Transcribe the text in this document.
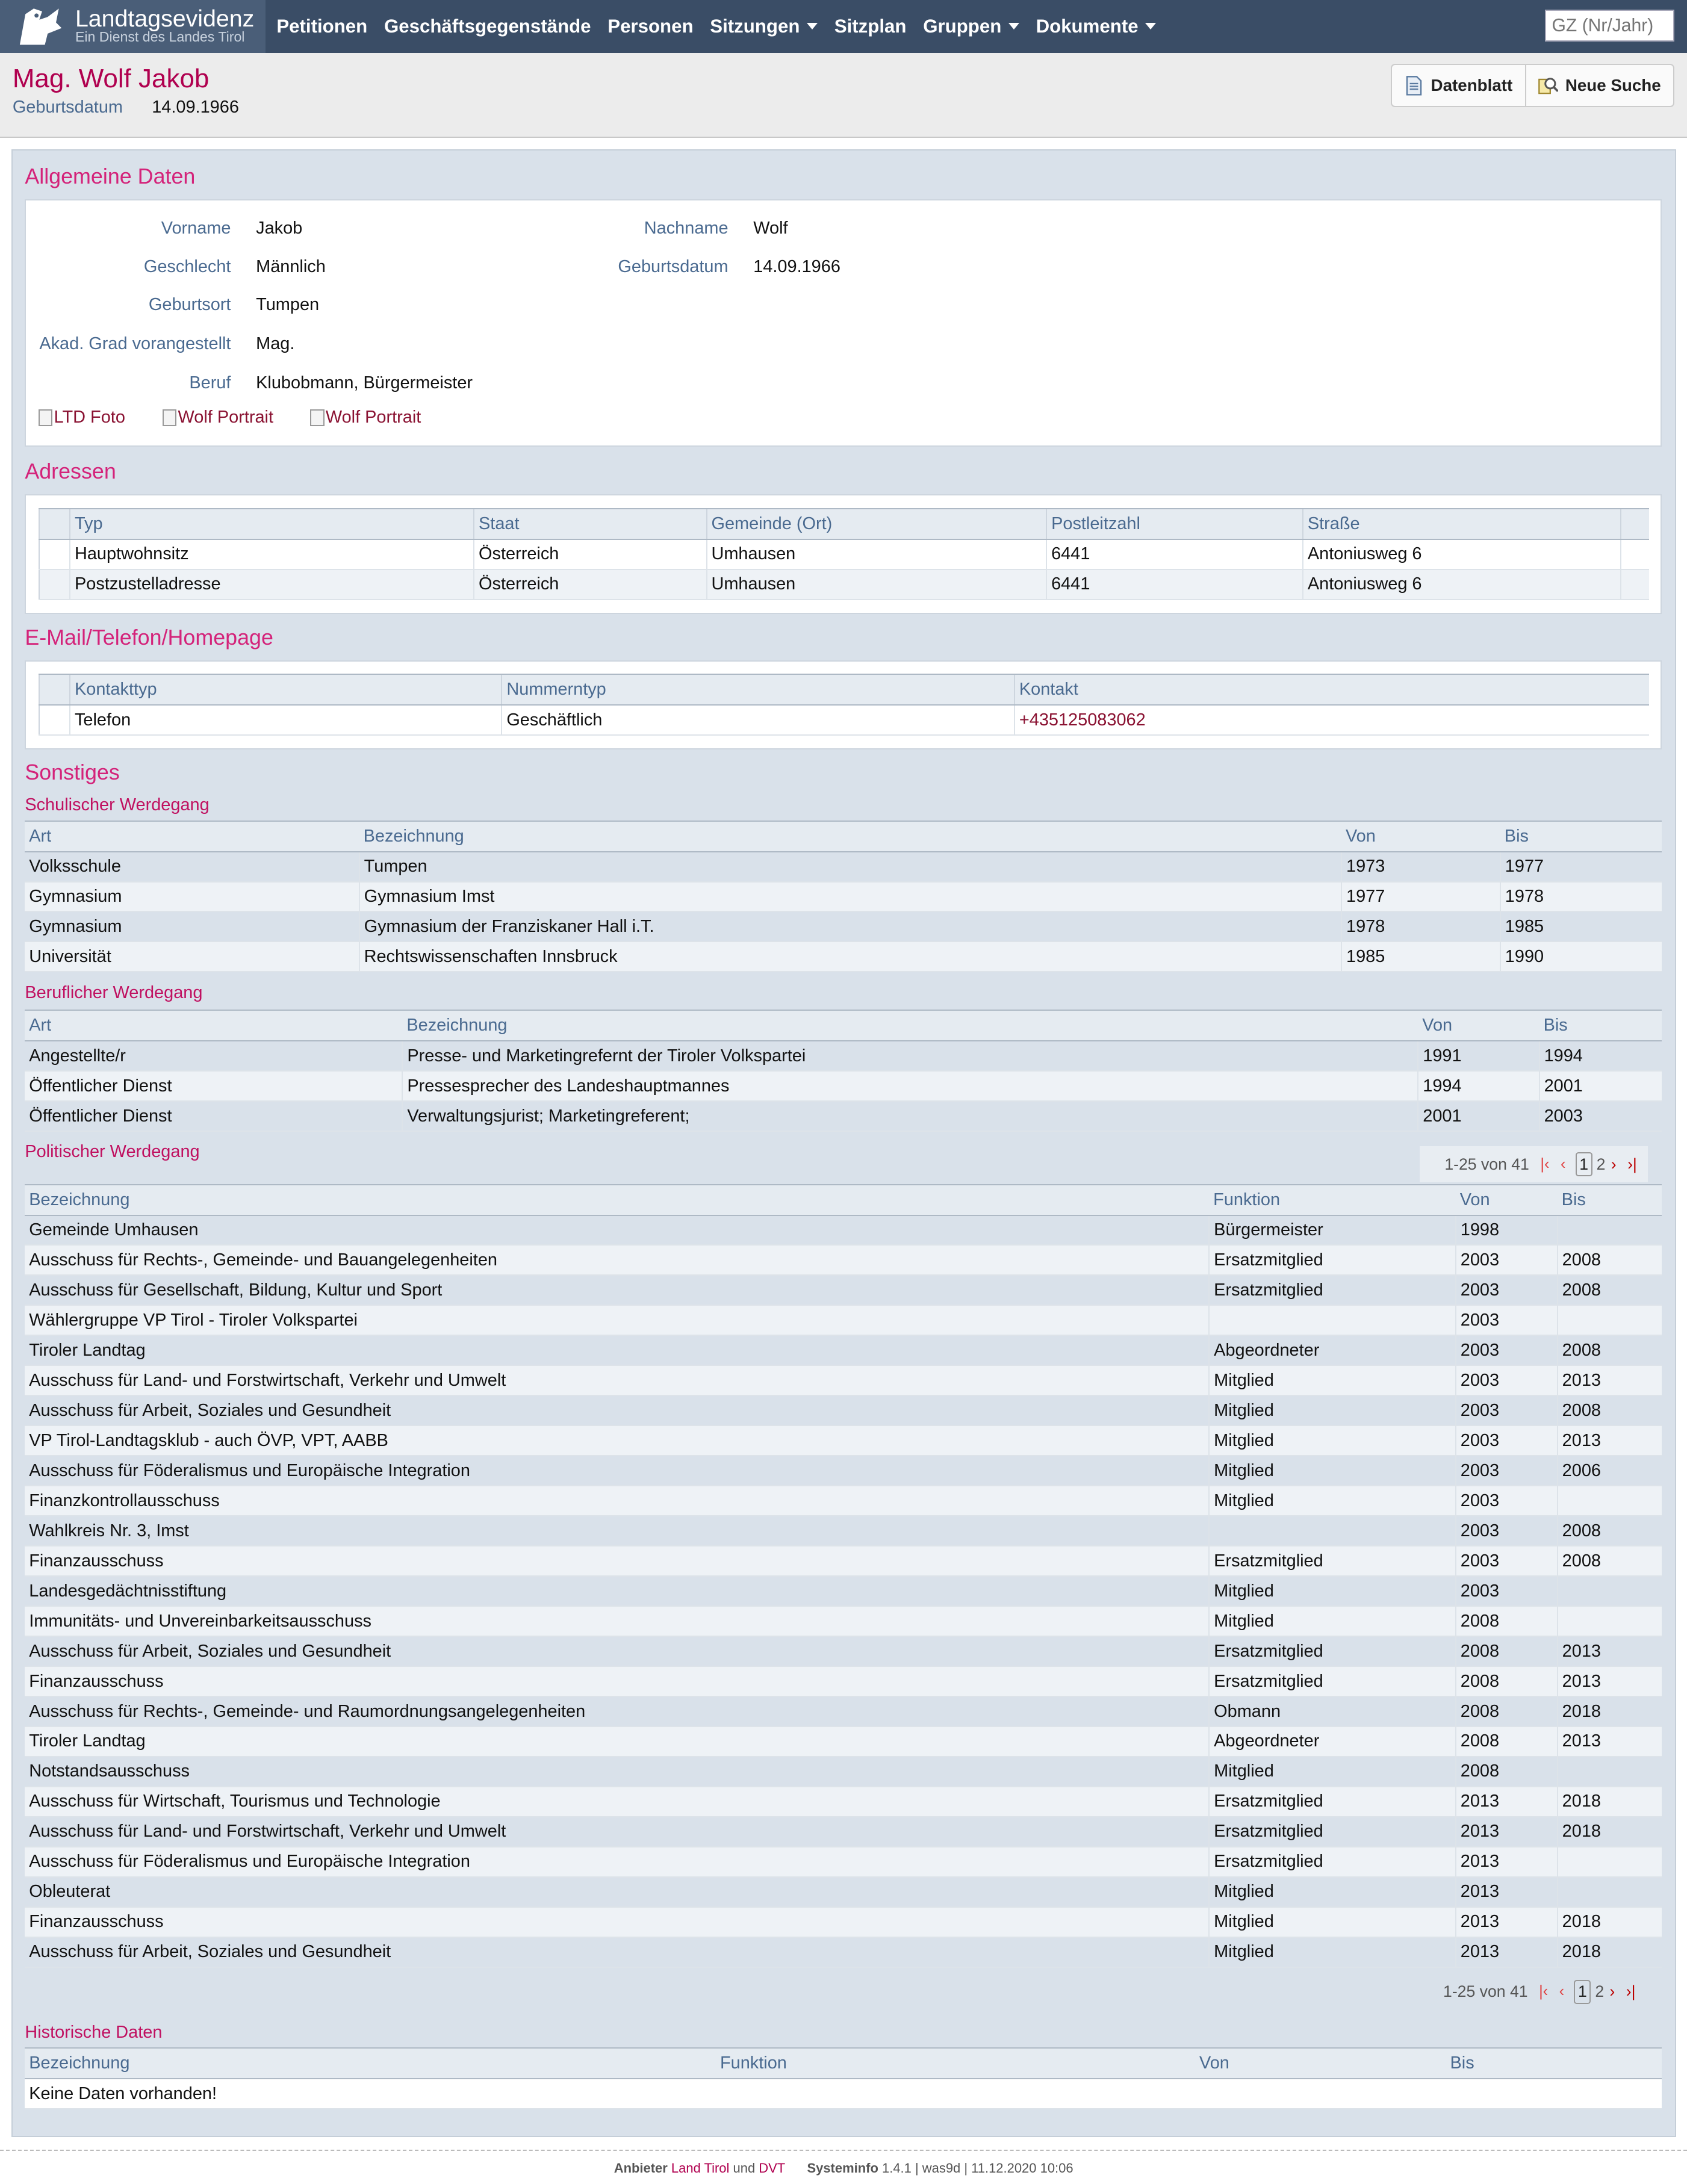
Landtagsevidenz
Ein Dienst des Landes Tirol	Petitionen Geschäftsgegenstände Personen Sitzungen	Sitzplan Gruppen	Dokumente
GZ (Nr/Jahr)
Mag. Wolf Jakob
Geburtsdatum	14.09.1966
Datenblatt	Neue Suche
Allgemeine Daten
Vorname	Jakob	Nachname	Wolf
Geschlecht	Männlich	Geburtsdatum	14.09.1966
Geburtsort	Tumpen
Akad. Grad vorangestellt	Mag.
Beruf	Klubobmann, Bürgermeister
LTD Foto	Wolf Portrait	Wolf Portrait
Adressen
	Typ	Staat	Gemeinde (Ort)	Postleitzahl	Straße	
	Hauptwohnsitz	Österreich	Umhausen	6441	Antoniusweg 6	
	Postzustelladresse	Österreich	Umhausen	6441	Antoniusweg 6	
E-Mail/Telefon/Homepage
	Kontakttyp	Nummerntyp	Kontakt
	Telefon	Geschäftlich	+435125083062
Sonstiges
Schulischer Werdegang
Art	Bezeichnung	Von	Bis
Volksschule	Tumpen	1973	1977
Gymnasium	Gymnasium Imst	1977	1978
Gymnasium	Gymnasium der Franziskaner Hall i.T.	1978	1985
Universität	Rechtswissenschaften Innsbruck	1985	1990
Beruflicher Werdegang
Art	Bezeichnung	Von	Bis
Angestellte/r	Presse- und Marketingrefernt der Tiroler Volkspartei	1991	1994
Öffentlicher Dienst	Pressesprecher des Landeshauptmannes	1994	2001
Öffentlicher Dienst	Verwaltungsjurist; Marketingreferent;	2001	2003
Politischer Werdegang
1-25 von 41 |‹ ‹	1	2 › ›|
Bezeichnung	Funktion	Von	Bis
Gemeinde Umhausen	Bürgermeister	1998	
Ausschuss für Rechts-, Gemeinde- und Bauangelegenheiten	Ersatzmitglied	2003	2008
Ausschuss für Gesellschaft, Bildung, Kultur und Sport	Ersatzmitglied	2003	2008
Wählergruppe VP Tirol - Tiroler Volkspartei		2003	
Tiroler Landtag	Abgeordneter	2003	2008
Ausschuss für Land- und Forstwirtschaft, Verkehr und Umwelt	Mitglied	2003	2013
Ausschuss für Arbeit, Soziales und Gesundheit	Mitglied	2003	2008
VP Tirol-Landtagsklub - auch ÖVP, VPT, AABB	Mitglied	2003	2013
Ausschuss für Föderalismus und Europäische Integration	Mitglied	2003	2006
Finanzkontrollausschuss	Mitglied	2003	
Wahlkreis Nr. 3, Imst		2003	2008
Finanzausschuss	Ersatzmitglied	2003	2008
Landesgedächtnisstiftung	Mitglied	2003	
Immunitäts- und Unvereinbarkeitsausschuss	Mitglied	2008	
Ausschuss für Arbeit, Soziales und Gesundheit	Ersatzmitglied	2008	2013
Finanzausschuss	Ersatzmitglied	2008	2013
Ausschuss für Rechts-, Gemeinde- und Raumordnungsangelegenheiten	Obmann	2008	2018
Tiroler Landtag	Abgeordneter	2008	2013
Notstandsausschuss	Mitglied	2008	
Ausschuss für Wirtschaft, Tourismus und Technologie	Ersatzmitglied	2013	2018
Ausschuss für Land- und Forstwirtschaft, Verkehr und Umwelt	Ersatzmitglied	2013	2018
Ausschuss für Föderalismus und Europäische Integration	Ersatzmitglied	2013	
Obleuterat	Mitglied	2013	
Finanzausschuss	Mitglied	2013	2018
Ausschuss für Arbeit, Soziales und Gesundheit	Mitglied	2013	2018
1-25 von 41 |‹ ‹	1	2 › ›|
Historische Daten
Bezeichnung	Funktion	Von	Bis
Keine Daten vorhanden!
Anbieter Land Tirol und DVT	Systeminfo 1.4.1 | was9d | 11.12.2020 10:06
